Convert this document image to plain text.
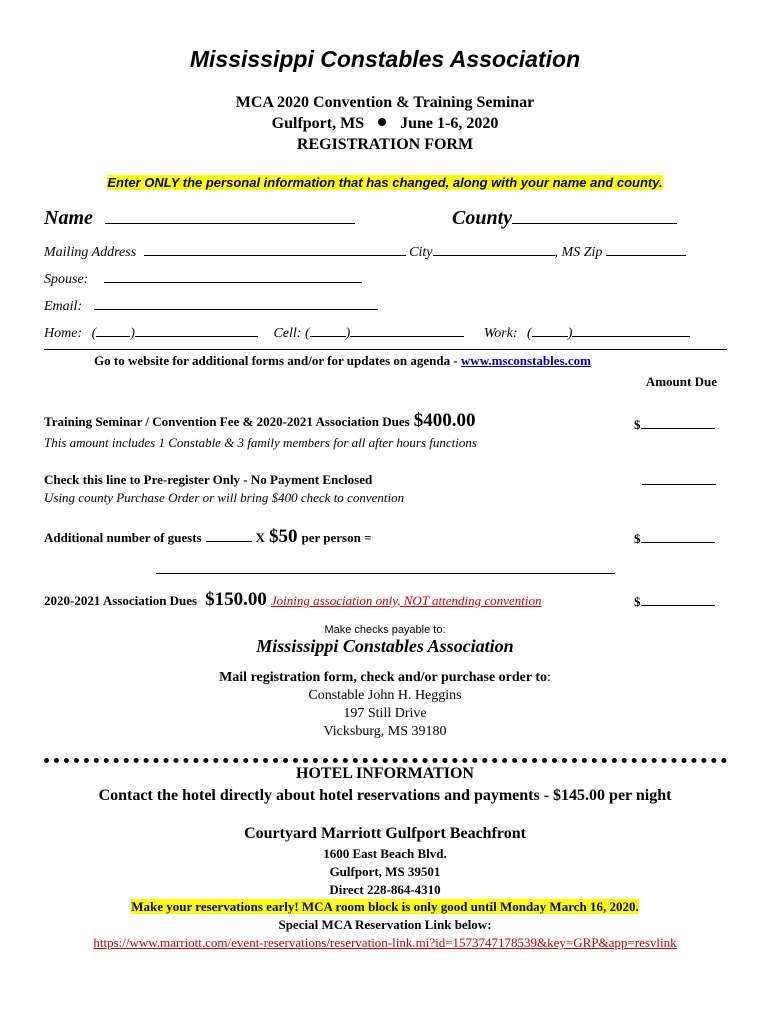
Mississippi Constables Association
MCA 2020 Convention & Training Seminar
Gulfport, MS June 1-6, 2020
REGISTRATION FORM
Enter ONLY the personal information that has changed, along with your name and county.
Name	County
Mailing Address	City	, MS Zip
Spouse:
Email:
Home: ( )	Cell: (	)	Work: (	)
Go to website for additional forms and/or for updates on agenda - www.msconstables.com
Amount Due
Training Seminar / Convention Fee & 2020-2021 Association Dues $400.00	$
This amount includes 1 Constable & 3 family members for all after hours functions
Check this line to Pre-register Only - No Payment Enclosed
Using county Purchase Order or will bring $400 check to convention
Additional number of guests	X $50 per person =	$
2020-2021 Association Dues $150.00 Joining association only, NOT attending convention	$
Make checks payable to:
Mississippi Constables Association
Mail registration form, check and/or purchase order to:
Constable John H. Heggins
197 Still Drive
Vicksburg, MS 39180
HOTEL INFORMATION
Contact the hotel directly about hotel reservations and payments - $145.00 per night
Courtyard Marriott Gulfport Beachfront
1600 East Beach Blvd.
Gulfport, MS 39501
Direct 228-864-4310
Make your reservations early! MCA room block is only good until Monday March 16, 2020.
Special MCA Reservation Link below:
https://www.marriott.com/event-reservations/reservation-link.mi?id=1573747178539&key=GRP&app=resvlink
